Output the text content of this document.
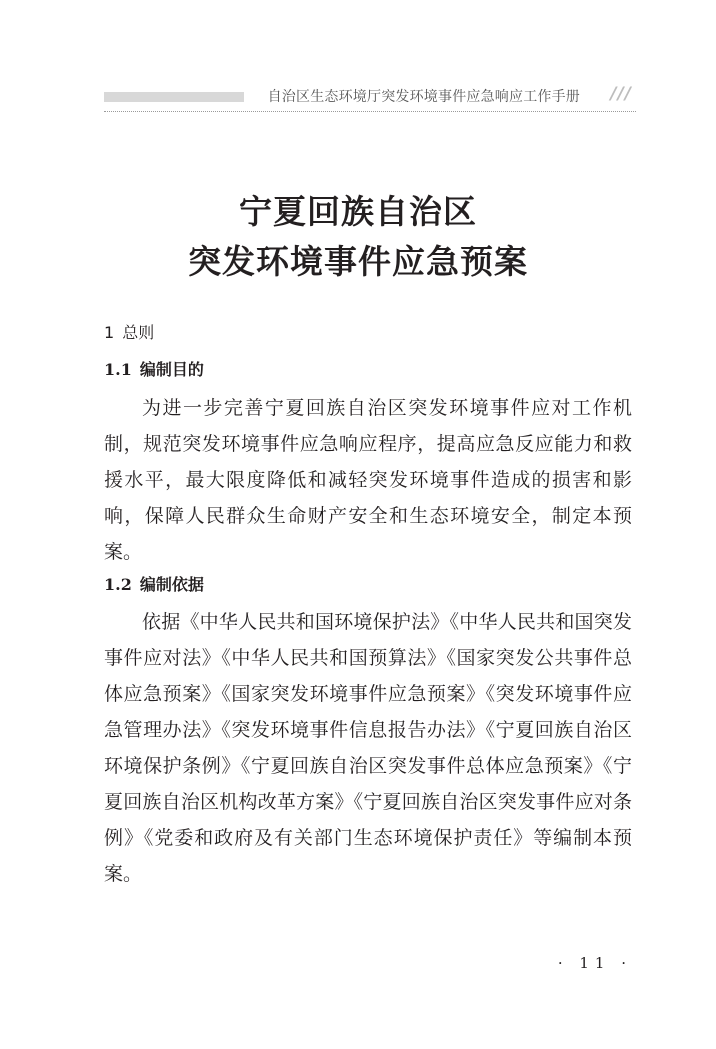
自治区生态环境厅突发环境事件应急响应工作手册 ///
宁夏回族自治区
突发环境事件应急预案
1 总则
1.1 编制目的

为进一步完善宁夏回族自治区突发环境事件应对工作机制，规范突发环境事件应急响应程序，提高应急反应能力和救援水平，最大限度降低和减轻突发环境事件造成的损害和影响，保障人民群众生命财产安全和生态环境安全，制定本预案。

1.2 编制依据

依据《中华人民共和国环境保护法》《中华人民共和国突发事件应对法》《中华人民共和国预算法》《国家突发公共事件总体应急预案》《国家突发环境事件应急预案》《突发环境事件应急管理办法》《突发环境事件信息报告办法》《宁夏回族自治区环境保护条例》《宁夏回族自治区突发事件总体应急预案》《宁夏回族自治区机构改革方案》《宁夏回族自治区突发事件应对条例》《党委和政府及有关部门生态环境保护责任》等编制本预案。

· 11 ·
